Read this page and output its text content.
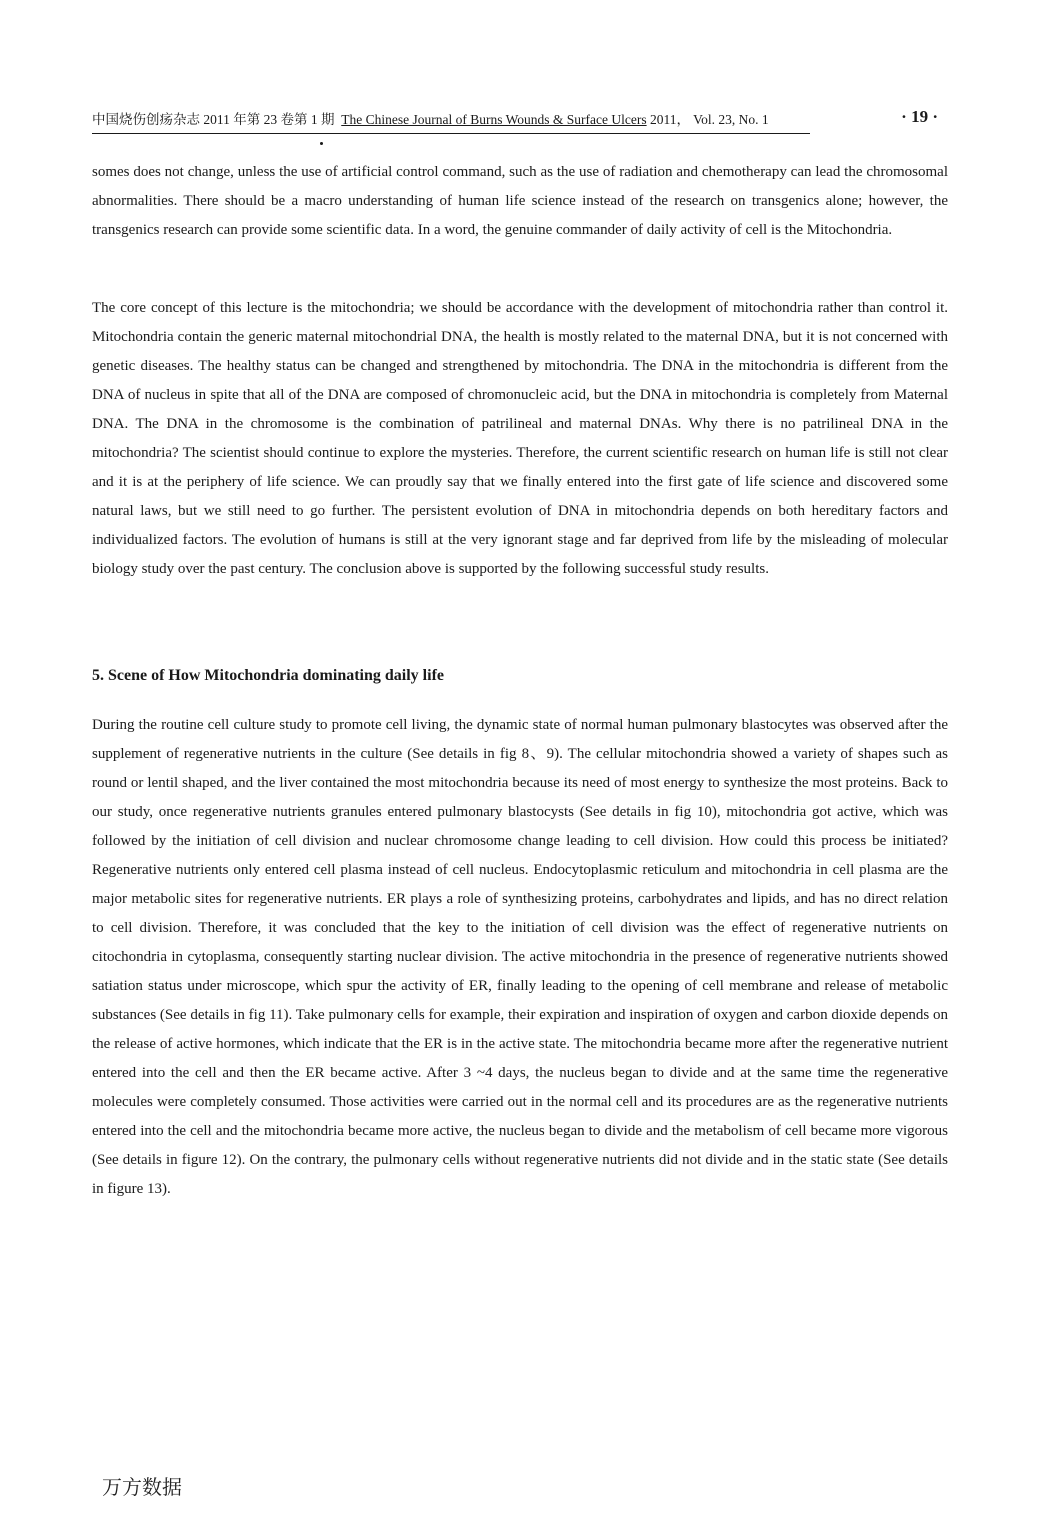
中国烧伤创疡杂志 2011 年第 23 卷第 1 期 The Chinese Journal of Burns Wounds & Surface Ulcers 2011， Vol. 23, No. 1	· 19 ·

somes does not change, unless the use of artificial control command, such as the use of radiation and chemotherapy can lead the chromosomal abnormalities. There should be a macro understanding of human life science instead of the research on transgenics alone; however, the transgenics research can provide some scientific data. In a word, the genuine commander of daily activity of cell is the Mitochondria.

The core concept of this lecture is the mitochondria; we should be accordance with the development of mitochondria rather than control it. Mitochondria contain the generic maternal mitochondrial DNA, the health is mostly related to the maternal DNA, but it is not concerned with genetic diseases. The healthy status can be changed and strengthened by mitochondria. The DNA in the mitochondria is different from the DNA of nucleus in spite that all of the DNA are composed of chromonucleic acid, but the DNA in mitochondria is completely from Maternal DNA. The DNA in the chromosome is the combination of patrilineal and maternal DNAs. Why there is no patrilineal DNA in the mitochondria? The scientist should continue to explore the mysteries. Therefore, the current scientific research on human life is still not clear and it is at the periphery of life science. We can proudly say that we finally entered into the first gate of life science and discovered some natural laws, but we still need to go further. The persistent evolution of DNA in mitochondria depends on both hereditary factors and individualized factors. The evolution of humans is still at the very ignorant stage and far deprived from life by the misleading of molecular biology study over the past century. The conclusion above is supported by the following successful study results.

5. Scene of How Mitochondria dominating daily life

During the routine cell culture study to promote cell living, the dynamic state of normal human pulmonary blastocytes was observed after the supplement of regenerative nutrients in the culture (See details in fig 8、9). The cellular mitochondria showed a variety of shapes such as round or lentil shaped, and the liver contained the most mitochondria because its need of most energy to synthesize the most proteins. Back to our study, once regenerative nutrients granules entered pulmonary blastocysts (See details in fig 10), mitochondria got active, which was followed by the initiation of cell division and nuclear chromosome change leading to cell division. How could this process be initiated? Regenerative nutrients only entered cell plasma instead of cell nucleus. Endocytoplasmic reticulum and mitochondria in cell plasma are the major metabolic sites for regenerative nutrients. ER plays a role of synthesizing proteins, carbohydrates and lipids, and has no direct relation to cell division. Therefore, it was concluded that the key to the initiation of cell division was the effect of regenerative nutrients on citochondria in cytoplasma, consequently starting nuclear division. The active mitochondria in the presence of regenerative nutrients showed satiation status under microscope, which spur the activity of ER, finally leading to the opening of cell membrane and release of metabolic substances (See details in fig 11). Take pulmonary cells for example, their expiration and inspiration of oxygen and carbon dioxide depends on the release of active hormones, which indicate that the ER is in the active state. The mitochondria became more after the regenerative nutrient entered into the cell and then the ER became active. After 3 ~4 days, the nucleus began to divide and at the same time the regenerative molecules were completely consumed. Those activities were carried out in the normal cell and its procedures are as the regenerative nutrients entered into the cell and the mitochondria became more active, the nucleus began to divide and the metabolism of cell became more vigorous (See details in figure 12). On the contrary, the pulmonary cells without regenerative nutrients did not divide and in the static state (See details in figure 13).

万方数据
